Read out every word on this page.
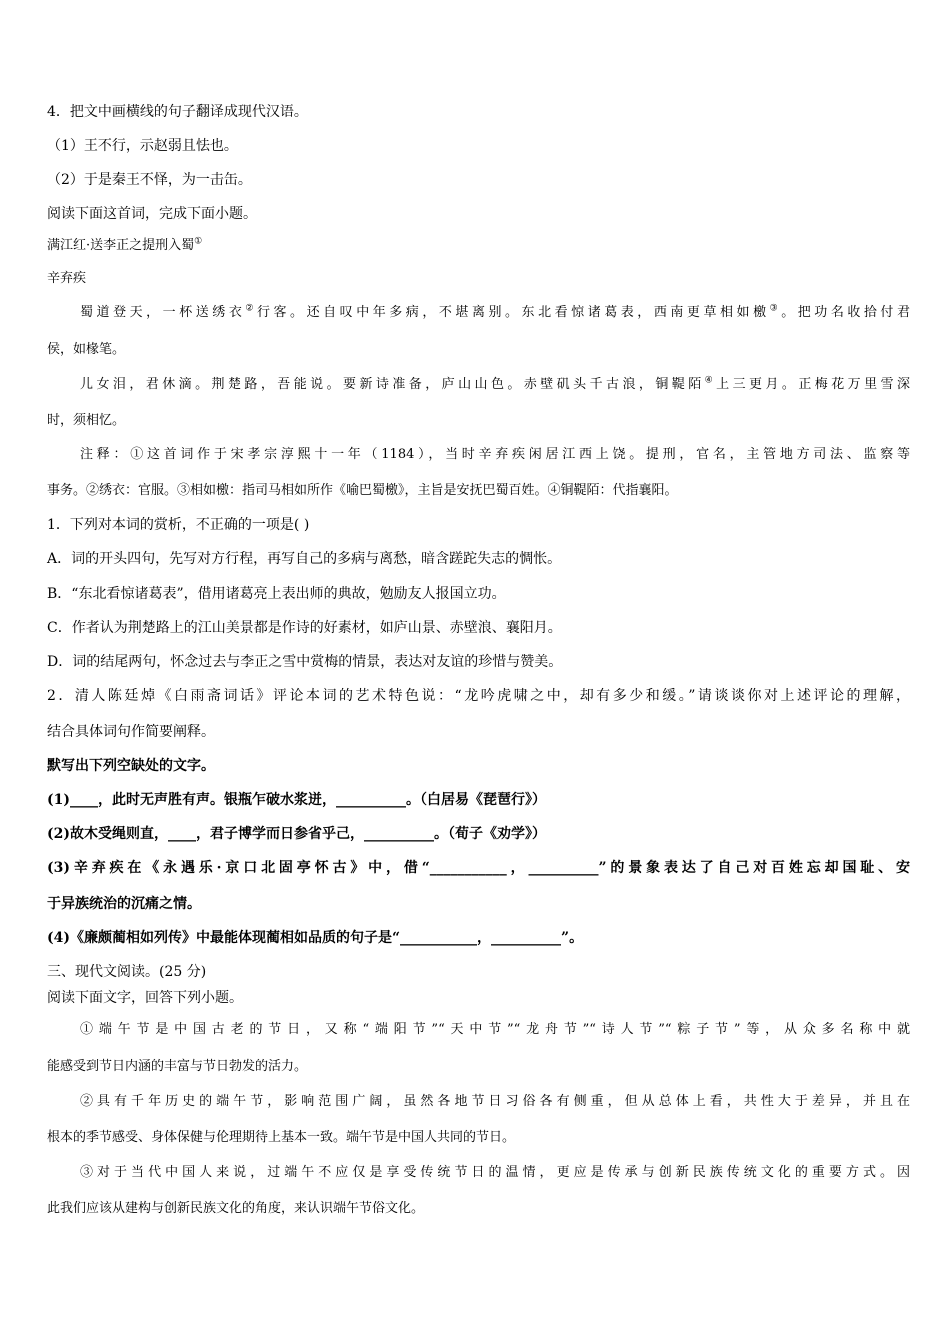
4．把文中画横线的句子翻译成现代汉语。

（1）王不行，示赵弱且怯也。

（2）于是秦王不怿，为一击缶。

阅读下面这首词，完成下面小题。

满江红·送李正之提刑入蜀①

辛弃疾

蜀道登天，一杯送绣衣②行客。还自叹中年多病，不堪离别。东北看惊诸葛表，西南更草相如檄③。把功名收拾付君

侯，如椽笔。

儿女泪，君休滴。荆楚路，吾能说。要新诗准备，庐山山色。赤壁矶头千古浪，铜鞮陌④上三更月。正梅花万里雪深

时，须相忆。

注释：①这首词作于宋孝宗淳熙十一年（1184），当时辛弃疾闲居江西上饶。提刑，官名，主管地方司法、监察等

事务。②绣衣：官服。③相如檄：指司马相如所作《喻巴蜀檄》，主旨是安抚巴蜀百姓。④铜鞮陌：代指襄阳。

1．下列对本词的赏析，不正确的一项是( )

A．词的开头四句，先写对方行程，再写自己的多病与离愁，暗含蹉跎失志的惆怅。

B．“东北看惊诸葛表”，借用诸葛亮上表出师的典故，勉励友人报国立功。

C．作者认为荆楚路上的江山美景都是作诗的好素材，如庐山景、赤壁浪、襄阳月。

D．词的结尾两句，怀念过去与李正之雪中赏梅的情景，表达对友谊的珍惜与赞美。

2．清人陈廷焯《白雨斋词话》评论本词的艺术特色说：“龙吟虎啸之中，却有多少和缓。”请谈谈你对上述评论的理解，

结合具体词句作简要阐释。

默写出下列空缺处的文字。

(1)____，此时无声胜有声。银瓶乍破水浆迸，__________。（白居易《琵琶行》）

(2)故木受绳则直，____，君子博学而日参省乎己，__________。（荀子《劝学》）

(3)辛弃疾在《永遇乐·京口北固亭怀古》中，借“___________，__________”的景象表达了自己对百姓忘却国耻、安

于异族统治的沉痛之情。

(4)《廉颇蔺相如列传》中最能体现蔺相如品质的句子是“___________，__________”。

三、现代文阅读。(25 分)

阅读下面文字，回答下列小题。

①端午节是中国古老的节日，又称“端阳节”“天中节”“龙舟节”“诗人节”“粽子节”等，从众多名称中就

能感受到节日内涵的丰富与节日勃发的活力。

②具有千年历史的端午节，影响范围广阔，虽然各地节日习俗各有侧重，但从总体上看，共性大于差异，并且在

根本的季节感受、身体保健与伦理期待上基本一致。端午节是中国人共同的节日。

③对于当代中国人来说，过端午不应仅是享受传统节日的温情，更应是传承与创新民族传统文化的重要方式。因

此我们应该从建构与创新民族文化的角度，来认识端午节俗文化。
